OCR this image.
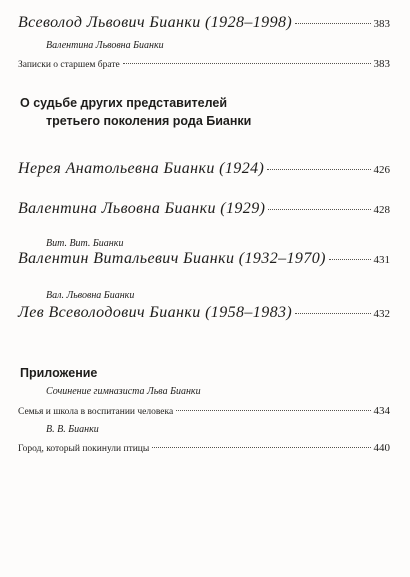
Всеволод Львович Бианки (1928–1998)	383
Валентина Львовна Бианки
Записки о старшем брате	383
О судьбе других представителей
третьего поколения рода Бианки
Нерея Анатольевна Бианки (1924)	426
Валентина Львовна Бианки (1929)	428
Вит. Вит. Бианки
Валентин Витальевич Бианки (1932–1970)	431
Вал. Львовна Бианки
Лев Всеволодович Бианки (1958–1983)	432
Приложение
Сочинение гимназиста Льва Бианки
Семья и школа в воспитании человека	434
В. В. Бианки
Город, который покинули птицы	440
